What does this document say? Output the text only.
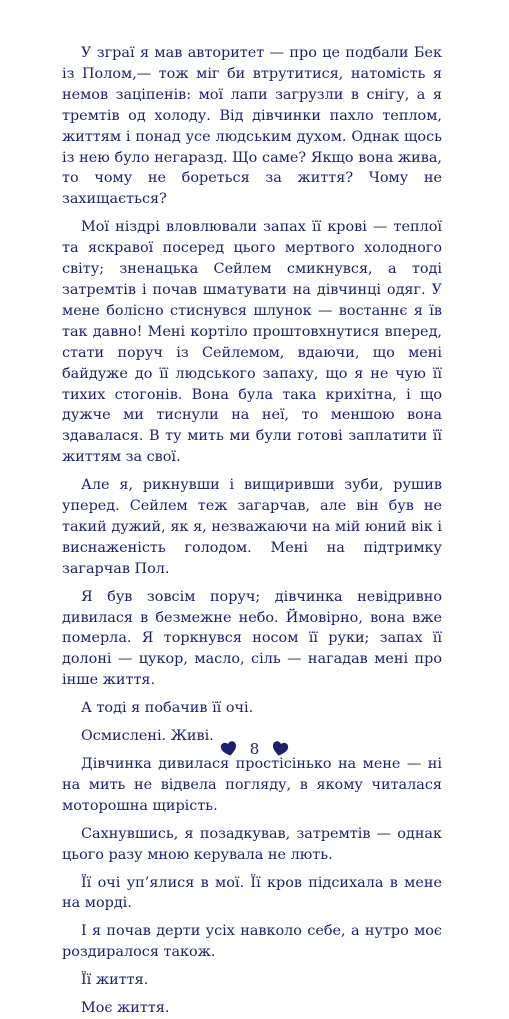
У зграї я мав авторитет — про це подбали Бек із Полом,— тож міг би втрутитися, натомість я немов заціпенів: мої лапи загрузли в снігу, а я тремтів од холоду. Від дівчинки пахло теплом, життям і понад усе людським духом. Однак щось із нею було негаразд. Що саме? Якщо вона жива, то чому не бореться за життя? Чому не захищається?

Мої ніздрі вловлювали запах її крові — теплої та яскравої посеред цього мертвого холодного світу; зненацька Сейлем смикнувся, а тоді затремтів і почав шматувати на дівчинці одяг. У мене болісно стиснувся шлунок — востаннє я їв так давно! Мені кортіло проштовхнутися вперед, стати поруч із Сейлемом, вдаючи, що мені байдуже до її людського запаху, що я не чую її тихих стогонів. Вона була така крихітна, і що дужче ми тиснули на неї, то меншою вона здавалася. В ту мить ми були готові заплатити її життям за свої.

Але я, рикнувши і вищиривши зуби, рушив уперед. Сейлем теж загарчав, але він був не такий дужий, як я, незважаючи на мій юний вік і виснаженість голодом. Мені на підтримку загарчав Пол.

Я був зовсім поруч; дівчинка невідривно дивилася в безмежне небо. Ймовірно, вона вже померла. Я торкнувся носом її руки; запах її долоні — цукор, масло, сіль — нагадав мені про інше життя.

А тоді я побачив її очі.

Осмислені. Живі.

Дівчинка дивилася простісінько на мене — ні на мить не відвела погляду, в якому читалася моторошна щирість.

Сахнувшись, я позадкував, затремтів — однак цього разу мною керувала не лють.

Її очі уп’ялися в мої. Її кров підсихала в мене на морді.

І я почав дерти усіх навколо себе, а нутро моє роздиралося також.

Її життя.

Моє життя.

8
